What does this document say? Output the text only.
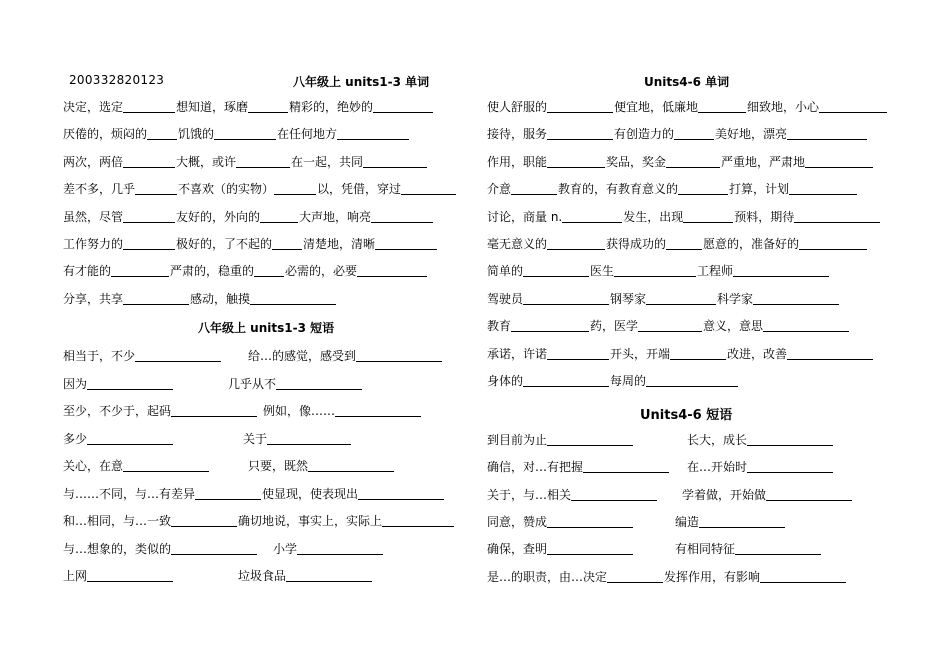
200332820123	八年级上 units1-3 单词
决定，选定	想知道，琢磨	精彩的，绝妙的
厌倦的，烦闷的	饥饿的	在任何地方
两次，两倍	大概，或许	在一起，共同
差不多，几乎	不喜欢（的实物）	以，凭借，穿过
虽然，尽管	友好的，外向的	大声地，响亮
工作努力的	极好的，了不起的	清楚地，清晰
有才能的	严肃的，稳重的	必需的，必要
分享，共享	感动，触摸
八年级上 units1-3 短语
相当于，不少	给…的感觉，感受到
因为	几乎从不
至少，不少于，起码	例如，像……
多少	关于
关心，在意	只要，既然
与……不同，与…有差异	使显现，使表现出
和…相同，与…一致	确切地说，事实上，实际上
与…想象的，类似的	小学
上网	垃圾食品
Units4-6 单词
使人舒服的	便宜地，低廉地	细致地，小心
接待，服务	有创造力的	美好地，漂亮
作用，职能	奖品，奖金	严重地，严肃地
介意	教育的，有教育意义的	打算，计划
讨论，商量 n.	发生，出现	预料，期待
毫无意义的	获得成功的	愿意的，准备好的
简单的	医生	工程师
驾驶员	钢琴家	科学家
教育	药，医学	意义，意思
承诺，许诺	开头，开端	改进，改善
身体的	每周的
Units4-6 短语
到目前为止	长大，成长
确信，对…有把握	在…开始时
关于，与…相关	学着做，开始做
同意，赞成	编造
确保，查明	有相同特征
是…的职责，由…决定	发挥作用，有影响
